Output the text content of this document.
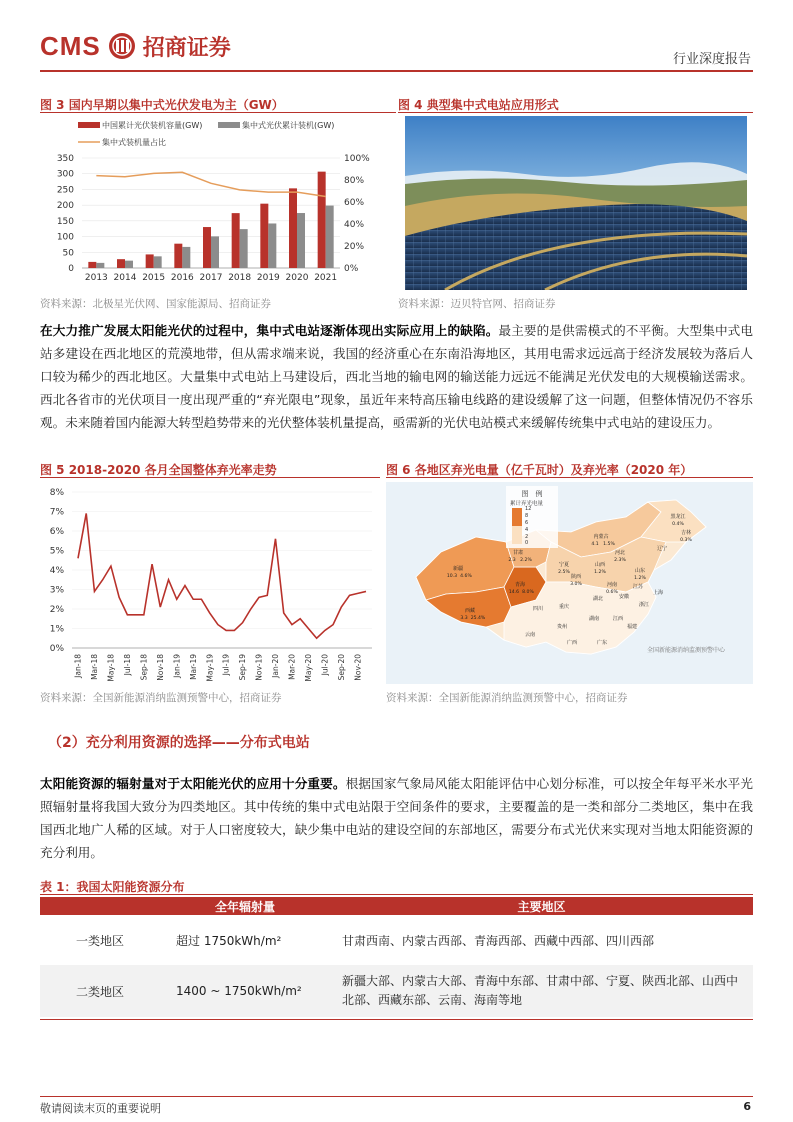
CMS 招商证券	行业深度报告
图 3 国内早期以集中式光伏发电为主（GW）
中国累计光伏装机容量(GW)	集中式光伏累计装机(GW)
集中式装机量占比
0
50
100
150
200
250
300
350
0%
20%
40%
60%
80%
100%
2013 2014 2015 2016 2017 2018 2019 2020 2021
资料来源：北极星光伏网、国家能源局、招商证券
图 4 典型集中式电站应用形式
资料来源：迈贝特官网、招商证券
在大力推广发展太阳能光伏的过程中，集中式电站逐渐体现出实际应用上的缺陷。最主要的是供需模式的不平衡。大型集中式电站多建设在西北地区的荒漠地带，但从需求端来说，我国的经济重心在东南沿海地区，其用电需求远远高于经济发展较为落后人口较为稀少的西北地区。大量集中式电站上马建设后，西北当地的输电网的输送能力远远不能满足光伏发电的大规模输送需求。西北各省市的光伏项目一度出现严重的“弃光限电”现象，虽近年来特高压输电线路的建设缓解了这一问题，但整体情况仍不容乐观。未来随着国内能源大转型趋势带来的光伏整体装机量提高，亟需新的光伏电站模式来缓解传统集中式电站的建设压力。
图 5 2018-2020 各月全国整体弃光率走势
0%
1%
2%
3%
4%
5%
6%
7%
8%
Jan-18 Mar-18 May-18 Jul-18 Sep-18 Nov-18 Jan-19 Mar-19 May-19 Jul-19 Sep-19 Nov-19 Jan-20 Mar-20 May-20 Jul-20 Sep-20 Nov-20
资料来源：全国新能源消纳监测预警中心，招商证券
图 6 各地区弃光电量（亿千瓦时）及弃光率（2020 年）
图　例
累计弃光电量
12
8
6
4
2
0
新疆
10.3 4.6%
西藏
3.3 25.4%
青海
14.6 8.0%
甘肃
2.3 2.2%
内蒙古
4.1 1.5%
黑龙江
0.4%
吉林
0.3%
宁夏
2.5%
陕西
3.0%
山西
1.2%
河北
2.3%
山东
1.2%
河南
0.6%
四川	重庆
湖北
湖南	江西
云南
贵州
广西	广东
福建
浙江
江苏
安徽
上海
辽宁
全国新能源消纳监测预警中心
资料来源：全国新能源消纳监测预警中心，招商证券
（2）充分利用资源的选择——分布式电站
太阳能资源的辐射量对于太阳能光伏的应用十分重要。根据国家气象局风能太阳能评估中心划分标准，可以按全年每平米水平光照辐射量将我国大致分为四类地区。其中传统的集中式电站限于空间条件的要求，主要覆盖的是一类和部分二类地区，集中在我国西北地广人稀的区域。对于人口密度较大，缺少集中电站的建设空间的东部地区，需要分布式光伏来实现对当地太阳能资源的充分利用。
表 1：我国太阳能资源分布
	全年辐射量	主要地区
一类地区	超过 1750kWh/m²	甘肃西南、内蒙古西部、青海西部、西藏中西部、四川西部
二类地区	1400 ~ 1750kWh/m²	新疆大部、内蒙古大部、青海中东部、甘肃中部、宁夏、陕西北部、山西中北部、西藏东部、云南、海南等地
敬请阅读末页的重要说明	6
